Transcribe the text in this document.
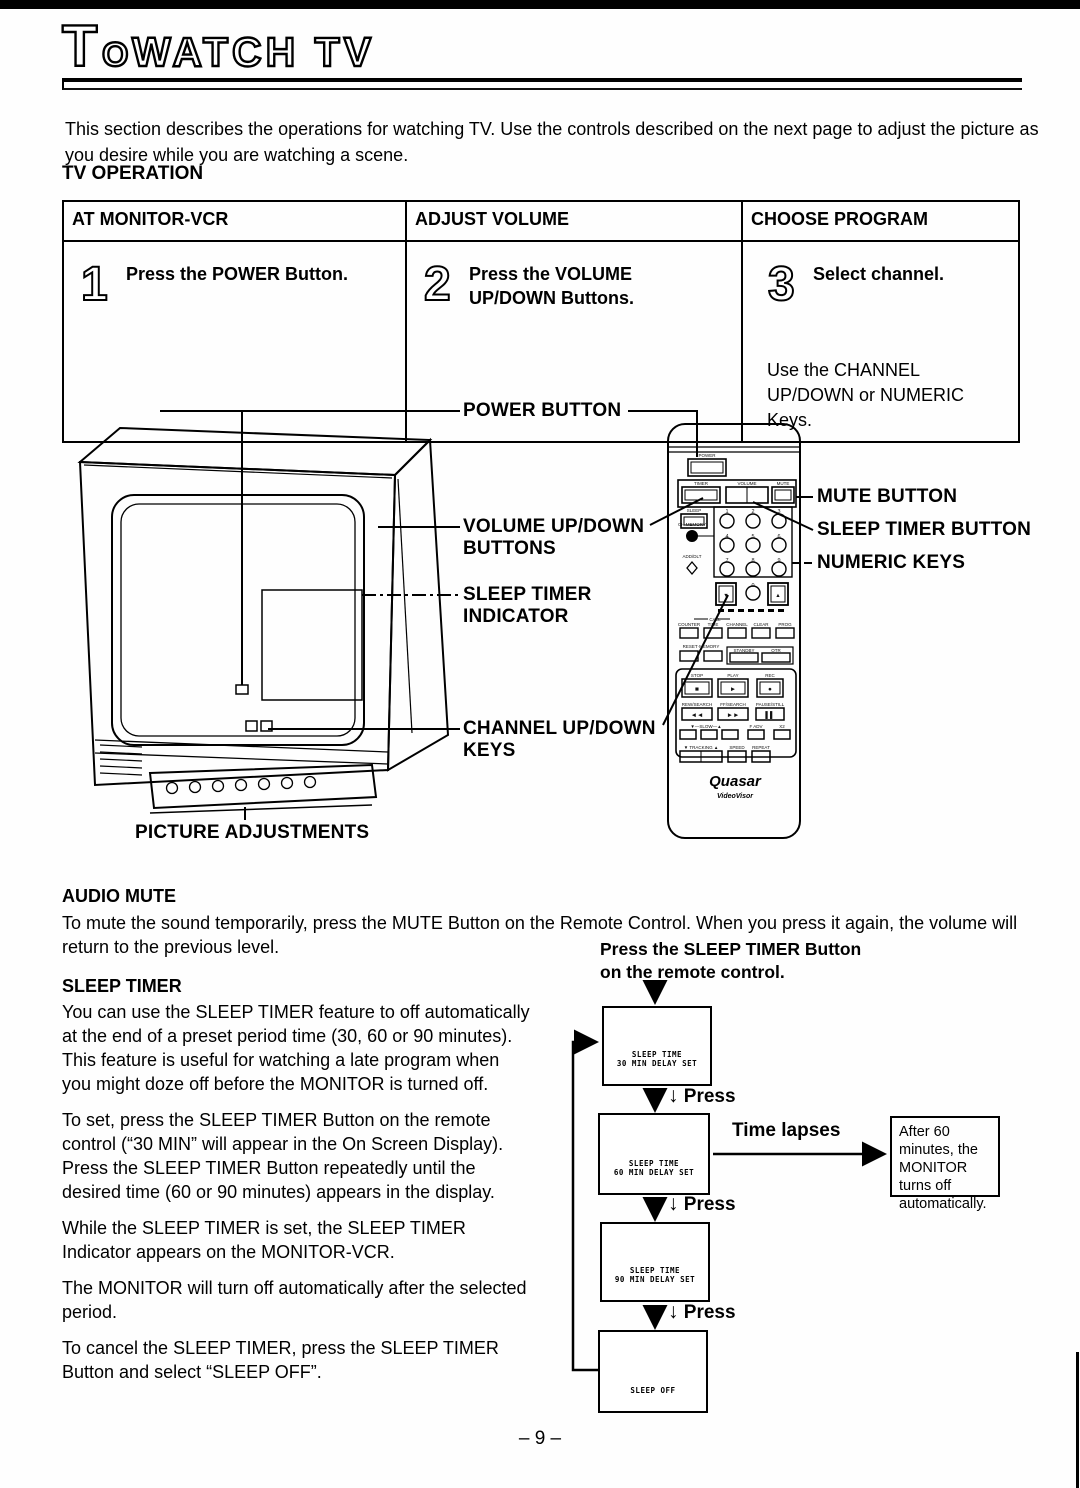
T O WATCH TV

This section describes the operations for watching TV. Use the controls described on the next page to adjust the picture as you desire while you are watching a scene.

TV OPERATION
AT MONITOR-VCR	ADJUST VOLUME	CHOOSE PROGRAM

1 Press the POWER Button.	2 Press the VOLUME UP/DOWN Buttons.	3 Select channel.
Use the CHANNEL UP/DOWN or NUMERIC Keys.
POWER
TIMER	VOLUME	MUTE
SLEEP
CH MEMORY
ADD/DLT
CALL
COUNTER TIME CHANNEL CLEAR PROG
RESET·MEMORY
STANDBY	OTR
STOP	PLAY	REC
REW/SEARCH FF/SEARCH PAUSE/STILL
▼—SLOW—▲	F ADV	X2
▼ TRACKING ▲ SPEED REPEAT
1	2	3
4	5	6
7	8	9
0
■	►	●
◄◄	►►	▌▌
▼	▲
Quasar
VideoVisor
POWER BUTTON
VOLUME UP/DOWN BUTTONS
SLEEP TIMER INDICATOR
CHANNEL UP/DOWN KEYS
PICTURE ADJUSTMENTS
MUTE BUTTON
SLEEP TIMER BUTTON
NUMERIC KEYS
AUDIO MUTE
To mute the sound temporarily, press the MUTE Button on the Remote Control. When you press it again, the volume will return to the previous level.
SLEEP TIMER

You can use the SLEEP TIMER feature to off automatically at the end of a preset period time (30, 60 or 90 minutes). This feature is useful for watching a late program when you might doze off before the MONITOR is turned off.

To set, press the SLEEP TIMER Button on the remote control (“30 MIN” will appear in the On Screen Display). Press the SLEEP TIMER Button repeatedly until the desired time (60 or 90 minutes) appears in the display.

While the SLEEP TIMER is set, the SLEEP TIMER Indicator appears on the MONITOR-VCR.

The MONITOR will turn off automatically after the selected period.

To cancel the SLEEP TIMER, press the SLEEP TIMER Button and select “SLEEP OFF”.

Press the SLEEP TIMER Button
on the remote control.
SLEEP TIME
30 MIN DELAY SET
↓ Press
SLEEP TIME
60 MIN DELAY SET
Time lapses	After 60 minutes, the MONITOR turns off automatically.
↓ Press
SLEEP TIME
90 MIN DELAY SET
↓ Press
SLEEP OFF
– 9 –
